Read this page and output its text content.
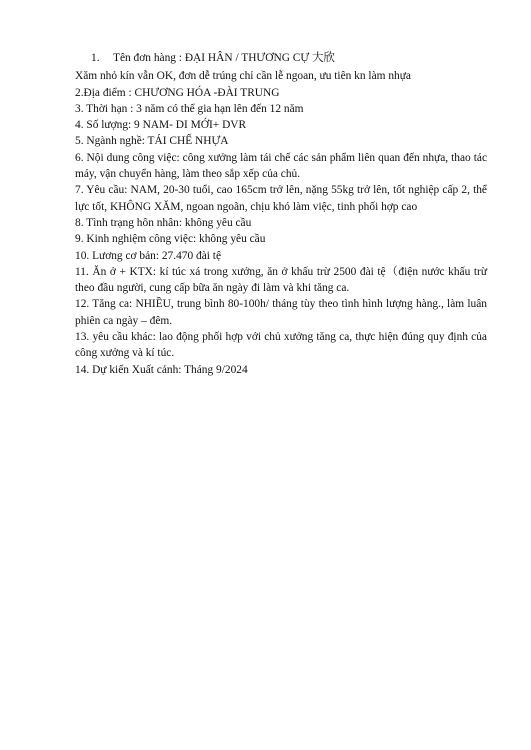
1. Tên đơn hàng : ĐẠI HÂN / THƯƠNG CỰ 大欣

Xăm nhỏ kín vẫn OK, đơn dễ trúng chỉ cần lễ ngoan, ưu tiên kn làm nhựa

2.Địa điểm : CHƯƠNG HÓA -ĐÀI TRUNG

3. Thời hạn : 3 năm có thể gia hạn lên đến 12 năm

4. Số lượng: 9 NAM- DI MỚI+ DVR

5. Ngành nghề: TÁI CHẾ NHỰA

6. Nội dung công việc: công xưởng làm tái chế các sản phẩm liên quan đến nhựa, thao tác máy, vận chuyển hàng, làm theo sắp xếp của chủ.

7. Yêu cầu: NAM, 20-30 tuổi, cao 165cm trở lên, nặng 55kg trở lên, tốt nghiệp cấp 2, thể lực tốt, KHÔNG XĂM, ngoan ngoãn, chịu khó làm việc, tinh phối hợp cao

8. Tình trạng hôn nhân: không yêu cầu

9. Kinh nghiệm công việc: không yêu cầu

10. Lương cơ bản: 27.470 đài tệ

11. Ăn ở + KTX: kí túc xá trong xưởng, ăn ở khấu trừ 2500 đài tệ（điện nước khấu trừ theo đầu người, cung cấp bữa ăn ngày đi làm và khi tăng ca.

12. Tăng ca: NHIỀU, trung bình 80-100h/ tháng tùy theo tình hình lượng hàng., làm luân phiên ca ngày – đêm.

13. yêu cầu khác: lao động phối hợp với chủ xưởng tăng ca, thực hiện đúng quy định của công xưởng và kí túc.

14. Dự kiến Xuất cảnh: Tháng 9/2024
